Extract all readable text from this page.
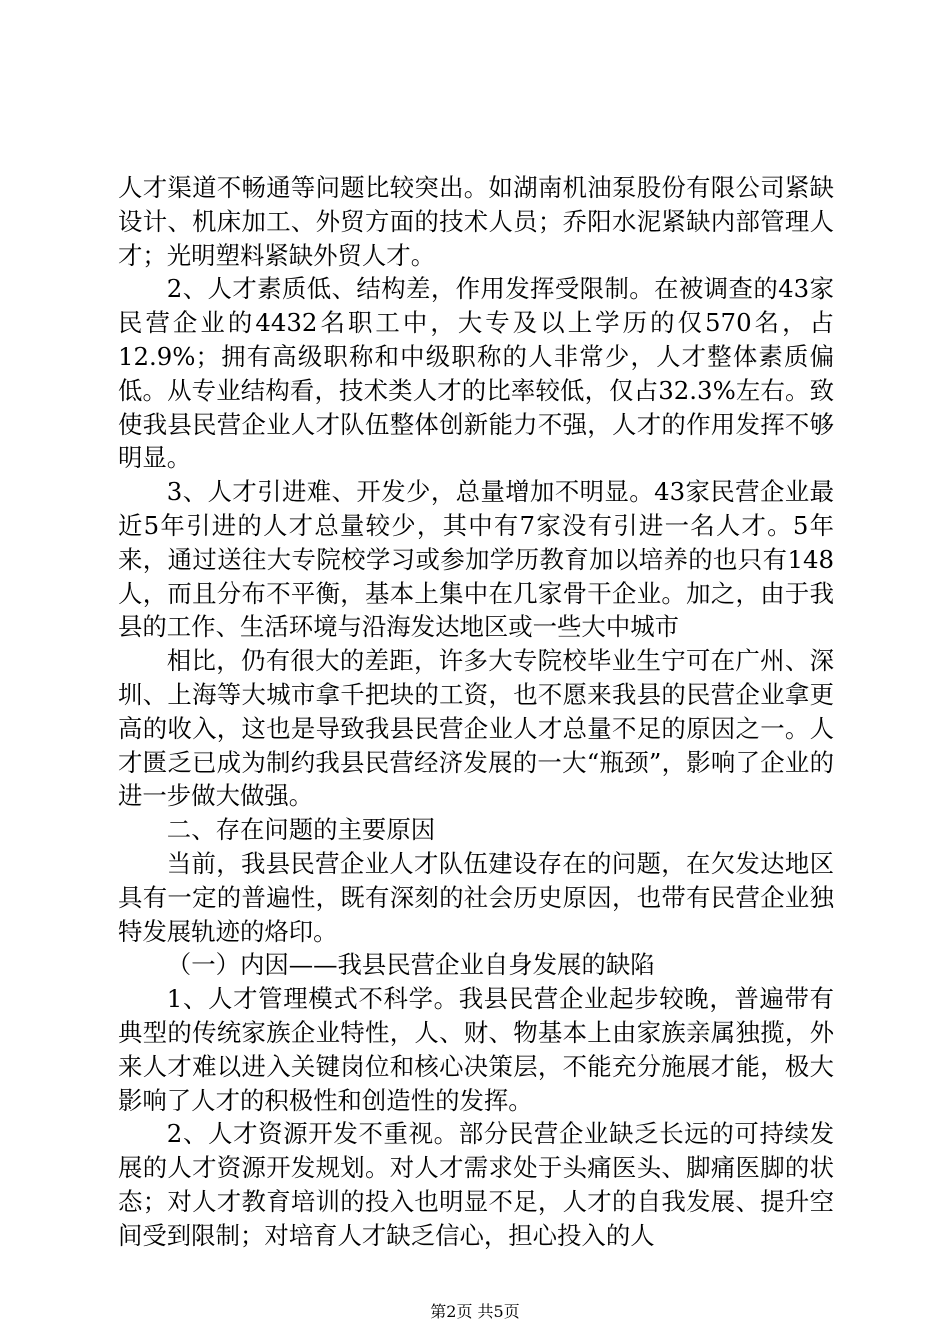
人才渠道不畅通等问题比较突出。如湖南机油泵股份有限公司紧缺设计、机床加工、外贸方面的技术人员；乔阳水泥紧缺内部管理人才；光明塑料紧缺外贸人才。

2、人才素质低、结构差，作用发挥受限制。在被调查的43家民营企业的4432名职工中，大专及以上学历的仅570名，占12.9%；拥有高级职称和中级职称的人非常少，人才整体素质偏低。从专业结构看，技术类人才的比率较低，仅占32.3%左右。致使我县民营企业人才队伍整体创新能力不强，人才的作用发挥不够明显。

3、人才引进难、开发少，总量增加不明显。43家民营企业最近5年引进的人才总量较少，其中有7家没有引进一名人才。5年来，通过送往大专院校学习或参加学历教育加以培养的也只有148人，而且分布不平衡，基本上集中在几家骨干企业。加之，由于我县的工作、生活环境与沿海发达地区或一些大中城市

相比，仍有很大的差距，许多大专院校毕业生宁可在广州、深圳、上海等大城市拿千把块的工资，也不愿来我县的民营企业拿更高的收入，这也是导致我县民营企业人才总量不足的原因之一。人才匮乏已成为制约我县民营经济发展的一大“瓶颈”，影响了企业的进一步做大做强。

二、存在问题的主要原因

当前，我县民营企业人才队伍建设存在的问题，在欠发达地区具有一定的普遍性，既有深刻的社会历史原因，也带有民营企业独特发展轨迹的烙印。

（一）内因——我县民营企业自身发展的缺陷

1、人才管理模式不科学。我县民营企业起步较晚，普遍带有典型的传统家族企业特性，人、财、物基本上由家族亲属独揽，外来人才难以进入关键岗位和核心决策层，不能充分施展才能，极大影响了人才的积极性和创造性的发挥。

2、人才资源开发不重视。部分民营企业缺乏长远的可持续发展的人才资源开发规划。对人才需求处于头痛医头、脚痛医脚的状态；对人才教育培训的投入也明显不足，人才的自我发展、提升空间受到限制；对培育人才缺乏信心，担心投入的人

第2页 共5页
